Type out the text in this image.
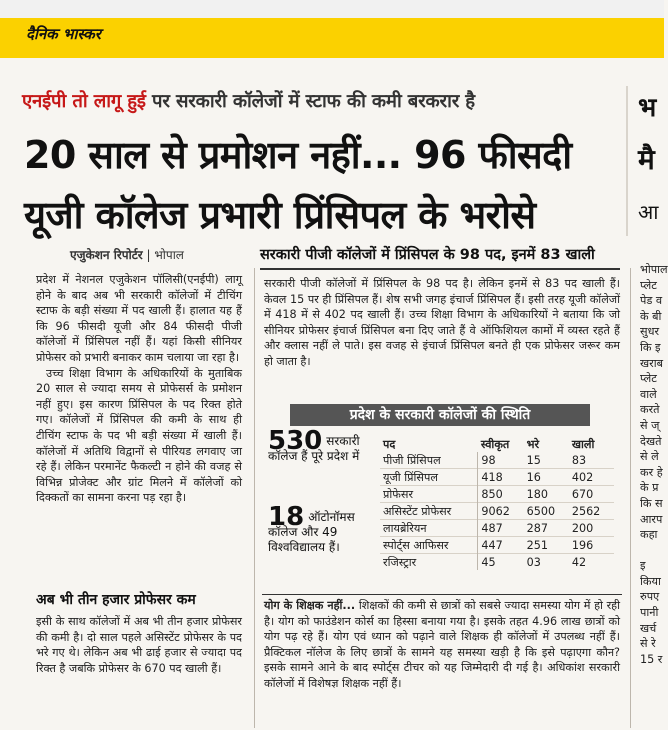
दैनिक भास्कर
एनईपी तो लागू हुई पर सरकारी कॉलेजों में स्टाफ की कमी बरकरार है
20 साल से प्रमोशन नहीं... 96 फीसदी
यूजी कॉलेज प्रभारी प्रिंसिपल के भरोसे
भ
मै
आ
एजुकेशन रिपोर्टर | भोपाल

प्रदेश में नेशनल एजुकेशन पॉलिसी(एनईपी) लागू होने के बाद अब भी सरकारी कॉलेजों में टीचिंग स्टाफ के बड़ी संख्या में पद खाली हैं। हालात यह हैं कि 96 फीसदी यूजी और 84 फीसदी पीजी कॉलेजों में प्रिंसिपल नहीं हैं। यहां किसी सीनियर प्रोफेसर को प्रभारी बनाकर काम चलाया जा रहा है।

उच्च शिक्षा विभाग के अधिकारियों के मुताबिक 20 साल से ज्यादा समय से प्रोफेसर्स के प्रमोशन नहीं हुए। इस कारण प्रिंसिपल के पद रिक्त होते गए। कॉलेजों में प्रिंसिपल की कमी के साथ ही टीचिंग स्टाफ के पद भी बड़ी संख्या में खाली हैं। कॉलेजों में अतिथि विद्वानों से पीरियड लगवाए जा रहे हैं। लेकिन परमानेंट फैकल्टी न होने की वजह से विभिन्न प्रोजेक्ट और ग्रांट मिलने में कॉलेजों को दिक्कतों का सामना करना पड़ रहा है।

अब भी तीन हजार प्रोफेसर कम
इसी के साथ कॉलेजों में अब भी तीन हजार प्रोफेसर की कमी है। दो साल पहले असिस्टेंट प्रोफेसर के पद भरे गए थे। लेकिन अब भी ढाई हजार से ज्यादा पद रिक्त है जबकि प्रोफेसर के 670 पद खाली हैं।
सरकारी पीजी कॉलेजों में प्रिंसिपल के 98 पद, इनमें 83 खाली
सरकारी पीजी कॉलेजों में प्रिंसिपल के 98 पद है। लेकिन इनमें से 83 पद खाली हैं। केवल 15 पर ही प्रिंसिपल हैं। शेष सभी जगह इंचार्ज प्रिंसिपल हैं। इसी तरह यूजी कॉलेजों में 418 में से 402 पद खाली हैं। उच्च शिक्षा विभाग के अधिकारियों ने बताया कि जो सीनियर प्रोफेसर इंचार्ज प्रिंसिपल बना दिए जाते हैं वे ऑफिशियल कामों में व्यस्त रहते हैं और क्लास नहीं ले पाते। इस वजह से इंचार्ज प्रिंसिपल बनते ही एक प्रोफेसर जरूर कम हो जाता है।
प्रदेश के सरकारी कॉलेजों की स्थिति
530 सरकारी कॉलेज हैं पूरे प्रदेश में
18 ऑटोनॉमस कॉलेज और 49 विश्वविद्यालय हैं।
पद	स्वीकृत	भरे	खाली
पीजी प्रिंसिपल	98	15	83
यूजी प्रिंसिपल	418	16	402
प्रोफेसर	850	180	670
असिस्टेंट प्रोफेसर	9062	6500	2562
लायब्रेरियन	487	287	200
स्पोर्ट्स आफिसर	447	251	196
रजिस्ट्रार	45	03	42
योग के शिक्षक नहीं... शिक्षकों की कमी से छात्रों को सबसे ज्यादा समस्या योग में हो रही है। योग को फाउंडेशन कोर्स का हिस्सा बनाया गया है। इसके तहत 4.96 लाख छात्रों को योग पढ़ रहे हैं। योग एवं ध्यान को पढ़ाने वाले शिक्षक ही कॉलेजों में उपलब्ध नहीं हैं। प्रैक्टिकल नॉलेज के लिए छात्रों के सामने यह समस्या खड़ी है कि इसे पढ़ाएगा कौन? इसके सामने आने के बाद स्पोर्ट्स टीचर को यह जिम्मेदारी दी गई है। अधिकांश सरकारी कॉलेजों में विशेषज्ञ शिक्षक नहीं हैं।
भोपाल
प्लेट
पेड व
के बी
सुधर
कि इ
खराब
प्लेट
वाले
करते
से ज्
देखते
से ले
कर हे
के प्र
कि स
आरप
कहा

इ
किया
रुपए
पानी
खर्च
से रे
15 र
